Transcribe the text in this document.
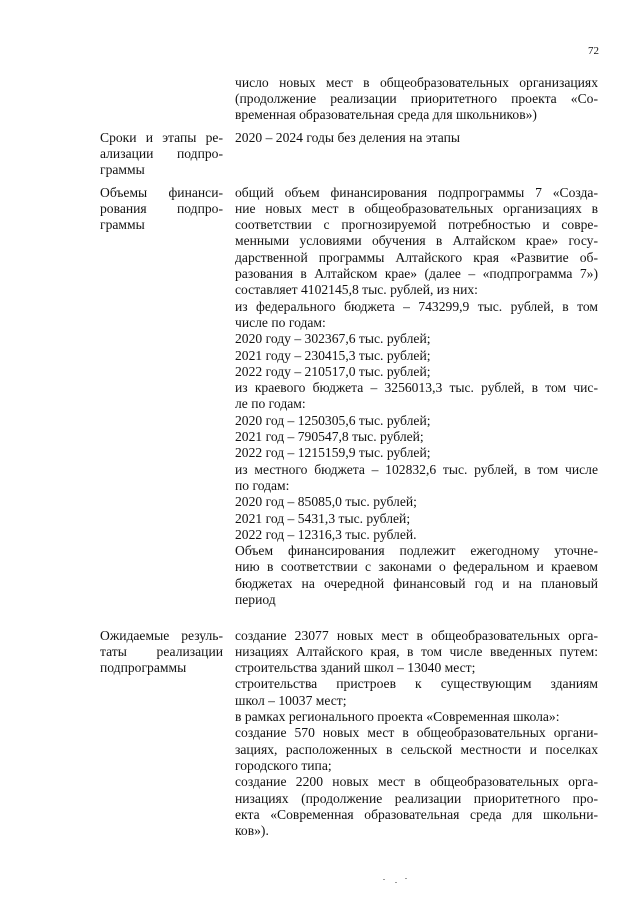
72
число новых мест в общеобразовательных организациях
(продолжение реализации приоритетного проекта «Со-
временная образовательная среда для школьников»)
Сроки и этапы ре-
ализации подпро-
граммы
2020 – 2024 годы без деления на этапы
Объемы финанси-
рования подпро-
граммы
общий объем финансирования подпрограммы 7 «Созда-
ние новых мест в общеобразовательных организациях в
соответствии с прогнозируемой потребностью и совре-
менными условиями обучения в Алтайском крае» госу-
дарственной программы Алтайского края «Развитие об-
разования в Алтайском крае» (далее – «подпрограмма 7»)
составляет 4102145,8 тыс. рублей, из них:
из федерального бюджета – 743299,9 тыс. рублей, в том
числе по годам:
2020 году – 302367,6 тыс. рублей;
2021 году – 230415,3 тыс. рублей;
2022 году – 210517,0 тыс. рублей;
из краевого бюджета – 3256013,3 тыс. рублей, в том чис-
ле по годам:
2020 год – 1250305,6 тыс. рублей;
2021 год – 790547,8 тыс. рублей;
2022 год – 1215159,9 тыс. рублей;
из местного бюджета – 102832,6 тыс. рублей, в том числе
по годам:
2020 год – 85085,0 тыс. рублей;
2021 год – 5431,3 тыс. рублей;
2022 год – 12316,3 тыс. рублей.
Объем финансирования подлежит ежегодному уточне-
нию в соответствии с законами о федеральном и краевом
бюджетах на очередной финансовый год и на плановый
период
Ожидаемые резуль-
таты реализации
подпрограммы
создание 23077 новых мест в общеобразовательных орга-
низациях Алтайского края, в том числе введенных путем:
строительства зданий школ – 13040 мест;
строительства пристроев к существующим зданиям
школ – 10037 мест;
в рамках регионального проекта «Современная школа»:
создание 570 новых мест в общеобразовательных органи-
зациях, расположенных в сельской местности и поселках
городского типа;
создание 2200 новых мест в общеобразовательных орга-
низациях (продолжение реализации приоритетного про-
екта «Современная образовательная среда для школьни-
ков»).
